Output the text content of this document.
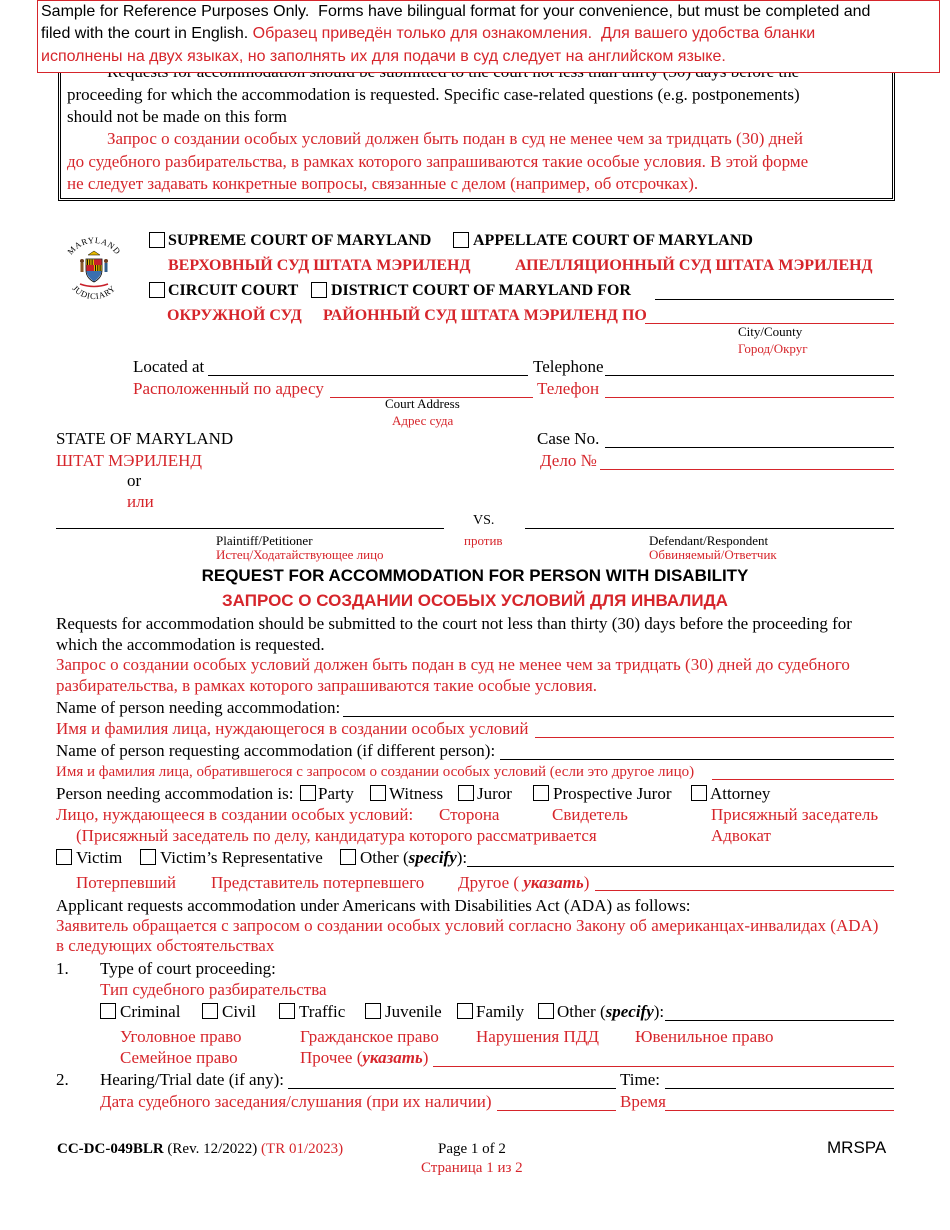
Sample for Reference Purposes Only.  Forms have bilingual format for your convenience, but must be completed and
filed with the court in English. Образец приведён только для ознакомления.  Для вашего удобства бланки
исполнены на двух языках, но заполнять их для подачи в суд следует на английском языке.
proceeding for which the accommodation is requested. Specific case-related questions (e.g. postponements)
should not be made on this form
Запрос о создании особых условий должен быть подан в суд не менее чем за тридцать (30) дней
до судебного разбирательства, в рамках которого запрашиваются такие особые условия. В этой форме
не следует задавать конкретные вопросы, связанные с делом (например, об отсрочках).
MARYLAND
JUDICIARY
SUPREME COURT OF MARYLAND	APPELLATE COURT OF MARYLAND
ВЕРХОВНЫЙ СУД ШТАТА МЭРИЛЕНД	АПЕЛЛЯЦИОННЫЙ СУД ШТАТА МЭРИЛЕНД
CIRCUIT COURT DISTRICT COURT OF MARYLAND FOR
ОКРУЖНОЙ СУД РАЙОННЫЙ СУД ШТАТА МЭРИЛЕНД ПО
City/County
Город/Округ
Located at	Telephone
Расположенный по адресу	Телефон
Court Address
Адрес суда
STATE OF MARYLAND	Case No.
ШТАТ МЭРИЛЕНД	Дело №
or
или
VS.
Plaintiff/Petitioner
Истец/Ходатайствующее лицо
против	Defendant/Respondent
Обвиняемый/Ответчик
REQUEST FOR ACCOMMODATION FOR PERSON WITH DISABILITY
ЗАПРОС О СОЗДАНИИ ОСОБЫХ УСЛОВИЙ ДЛЯ ИНВАЛИДА
Requests for accommodation should be submitted to the court not less than thirty (30) days before the proceeding for
which the accommodation is requested.
Запрос о создании особых условий должен быть подан в суд не менее чем за тридцать (30) дней до судебного
разбирательства, в рамках которого запрашиваются такие особые условия.
Name of person needing accommodation:
Имя и фамилия лица, нуждающегося в создании особых условий
Name of person requesting accommodation (if different person):
Имя и фамилия лица, обратившегося с запросом о создании особых условий (если это другое лицо)
Person needing accommodation is: Party Witness Juror Prospective Juror Attorney
Лицо, нуждающееся в создании особых условий: Сторона	Свидетель	Присяжный заседатель
(Присяжный заседатель по делу, кандидатура которого рассматривается	Адвокат
Victim Victim’s Representative Other (specify):
Потерпевший Представитель потерпевшего Другое ( указать)
Applicant requests accommodation under Americans with Disabilities Act (ADA) as follows:
Заявитель обращается с запросом о создании особых условий согласно Закону об американцах-инвалидах (ADA)
в следующих обстоятельствах
1. Type of court proceeding:
Тип судебного разбирательства
Criminal Civil	Traffic Juvenile Family Other (specify):
Уголовное право	Гражданское право Нарушения ПДД Ювенильное право
Семейное право	Прочее (указать)
2. Hearing/Trial date (if any):	Time:
Дата судебного заседания/слушания (при их наличии)	Время
CC-DC-049BLR (Rev. 12/2022) (TR 01/2023)	Page 1 of 2
Страница 1 из 2
MRSPA
